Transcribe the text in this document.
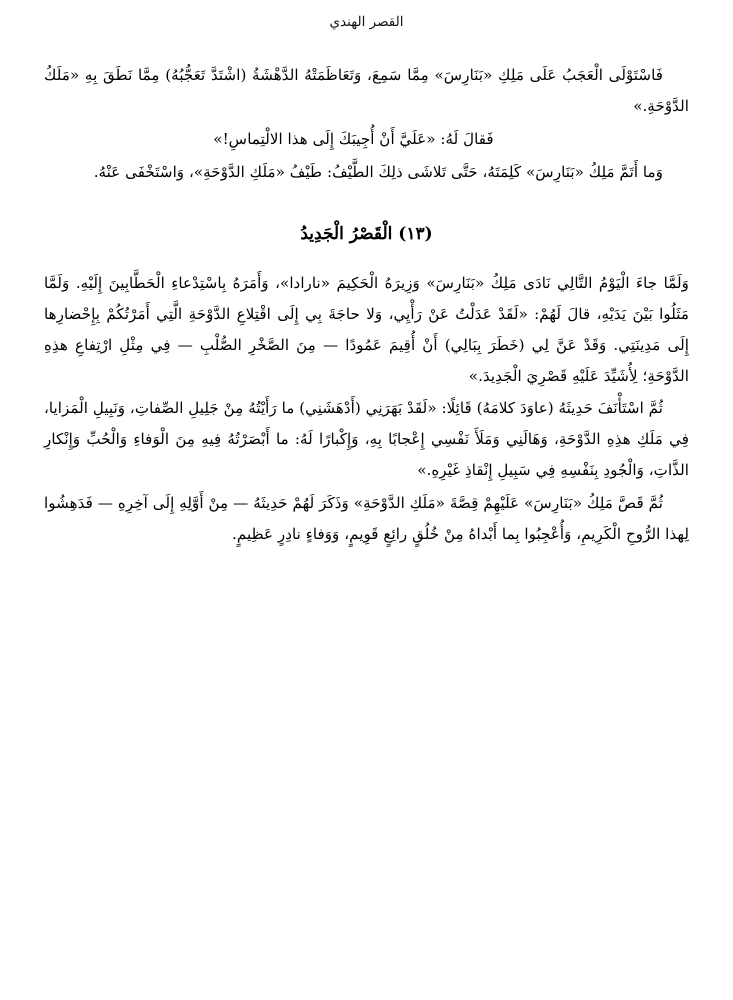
القصر الهندي

فَاسْتَوْلَى الْعَجَبُ عَلَى مَلِكِ «بَنَارِسَ» مِمَّا سَمِعَ، وَتَعَاظَمَتْهُ الدَّهْشَةُ (اشْتَدَّ تَعَجُّبُهُ) مِمَّا نَطَقَ بِهِ «مَلَكُ الدَّوْحَةِ.»

فَقالَ لَهُ: «عَلَيَّ أَنْ أُجِيبَكَ إِلَى هذا الالْتِماسِ!»

وَما أَتَمَّ مَلِكُ «بَنَارِسَ» كَلِمَتَهُ، حَتَّى تَلاشَى ذلِكَ الطَّيْفُ: طَيْفُ «مَلَكِ الدَّوْحَةِ»، وَاسْتَخْفَى عَنْهُ.

(١٣) الْقَصْرُ الْجَدِيدُ

وَلَمَّا جاءَ الْيَوْمُ التَّالِي نَادَى مَلِكُ «بَنَارِسَ» وَزِيرَهُ الْحَكِيمَ «نارادا»، وَأَمَرَهُ بِاسْتِدْعاءِ الْحَطَّابِينَ إِلَيْهِ. وَلَمَّا مَثَلُوا بَيْنَ يَدَيْهِ، قالَ لَهُمْ: «لَقَدْ عَدَلْتُ عَنْ رَأْيِي، وَلا حاجَةَ بِي إِلَى اقْتِلاعِ الدَّوْحَةِ الَّتِي أَمَرْتُكُمْ بِإِحْضارِها إِلَى مَدِينَتِي. وَقَدْ عَنَّ لِي (خَطَرَ بِبَالِي) أَنْ أُقِيمَ عَمُودًا — مِنَ الصَّخْرِ الصُّلْبِ — فِي مِثْلِ ارْتِفاعِ هذِهِ الدَّوْحَةِ؛ لِأُشَيِّدَ عَلَيْهِ قَصْرِيَ الْجَدِيدَ.»

ثُمَّ اسْتَأْنَفَ حَدِيثَهُ (عاوَدَ كلامَهُ) قَائِلًا: «لَقَدْ بَهَرَنِي (أَدْهَشَنِي) ما رَأَيْتُهُ مِنْ جَلِيلِ الصِّفاتِ، وَنَبِيلِ الْمَزايا، فِي مَلَكِ هذِهِ الدَّوْحَةِ، وَهَالَنِي وَمَلَأَ نَفْسِي إِعْجابًا بِهِ، وَإِكْبارًا لَهُ: ما أَبْصَرْتُهُ فِيهِ مِنَ الْوَفاءِ وَالْحُبِّ وَإِنْكارِ الذَّاتِ، وَالْجُودِ بِنَفْسِهِ فِي سَبِيلِ إِنْقاذِ غَيْرِهِ.»

ثُمَّ قَصَّ مَلِكُ «بَنَارِسَ» عَلَيْهِمْ قِصَّةَ «مَلَكِ الدَّوْحَةِ» وَذَكَرَ لَهُمْ حَدِيثَهُ — مِنْ أَوَّلِهِ إِلَى آخِرِهِ — فَدَهِشُوا لِهذا الرُّوحِ الْكَرِيمِ، وَأُعْجِبُوا بِما أَبْداهُ مِنْ خُلُقٍ رائِعٍ قَوِيمٍ، وَوَفاءٍ نادِرٍ عَظِيمٍ.
